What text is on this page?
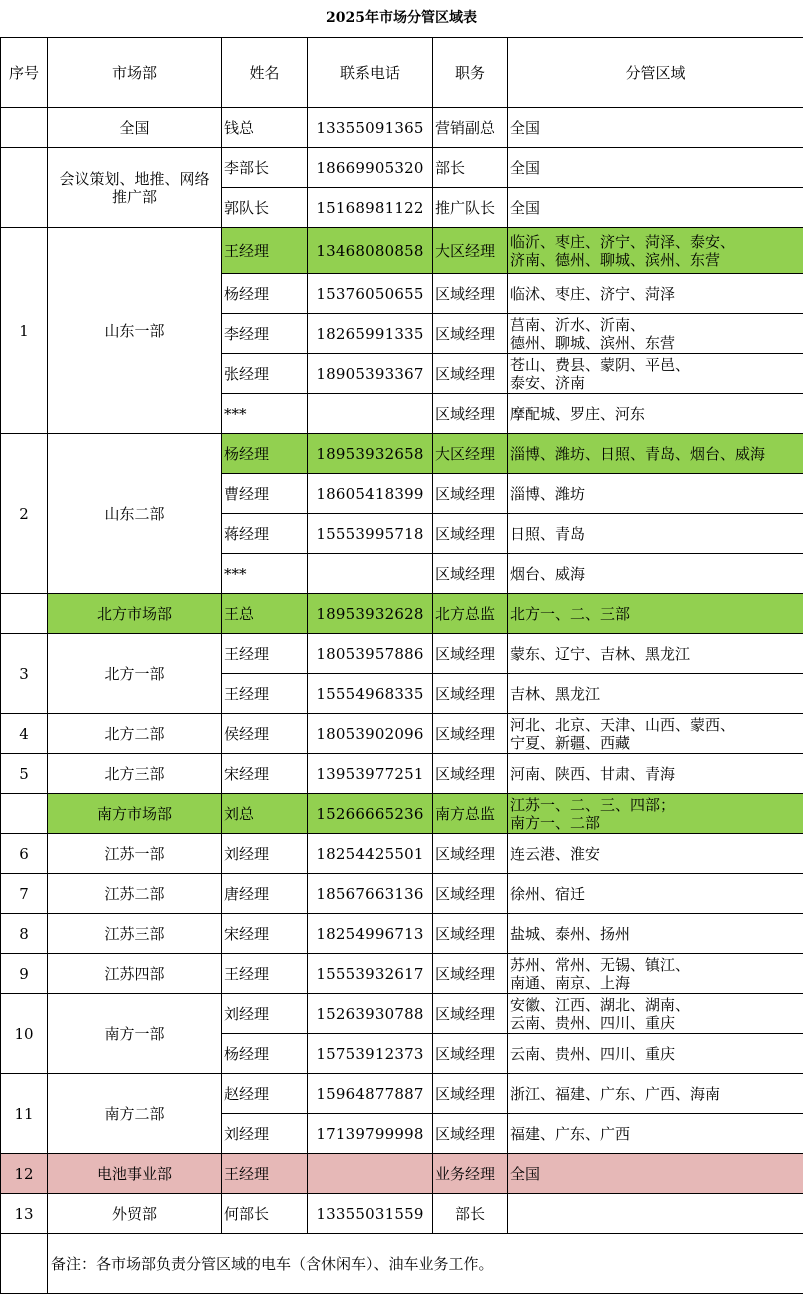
2025年市场分管区域表
序号	市场部	姓名	联系电话	职务	分管区域
	全国	钱总	13355091365	营销副总	全国
	会议策划、地推、网络推广部	李部长	18669905320	部长	全国
		郭队长	15168981122	推广队长	全国
1	山东一部	王经理	13468080858	大区经理	临沂、枣庄、济宁、菏泽、泰安、
济南、德州、聊城、滨州、东营
		杨经理	15376050655	区域经理	临沭、枣庄、济宁、菏泽
		李经理	18265991335	区域经理	莒南、沂水、沂南、
德州、聊城、滨州、东营
		张经理	18905393367	区域经理	苍山、费县、蒙阴、平邑、
泰安、济南
		***		区域经理	摩配城、罗庄、河东
2	山东二部	杨经理	18953932658	大区经理	淄博、潍坊、日照、青岛、烟台、威海
		曹经理	18605418399	区域经理	淄博、潍坊
		蒋经理	15553995718	区域经理	日照、青岛
		***		区域经理	烟台、威海
	北方市场部	王总	18953932628	北方总监	北方一、二、三部
3	北方一部	王经理	18053957886	区域经理	蒙东、辽宁、吉林、黑龙江
		王经理	15554968335	区域经理	吉林、黑龙江
4	北方二部	侯经理	18053902096	区域经理	河北、北京、天津、山西、蒙西、
宁夏、新疆、西藏
5	北方三部	宋经理	13953977251	区域经理	河南、陕西、甘肃、青海
	南方市场部	刘总	15266665236	南方总监	江苏一、二、三、四部；
南方一、二部
6	江苏一部	刘经理	18254425501	区域经理	连云港、淮安
7	江苏二部	唐经理	18567663136	区域经理	徐州、宿迁
8	江苏三部	宋经理	18254996713	区域经理	盐城、泰州、扬州
9	江苏四部	王经理	15553932617	区域经理	苏州、常州、无锡、镇江、
南通、南京、上海
10	南方一部	刘经理	15263930788	区域经理	安徽、江西、湖北、湖南、
云南、贵州、四川、重庆
		杨经理	15753912373	区域经理	云南、贵州、四川、重庆
11	南方二部	赵经理	15964877887	区域经理	浙江、福建、广东、广西、海南
		刘经理	17139799998	区域经理	福建、广东、广西
12	电池事业部	王经理		业务经理	全国
13	外贸部	何部长	13355031559	部长	
	备注：各市场部负责分管区域的电车（含休闲车）、油车业务工作。				
